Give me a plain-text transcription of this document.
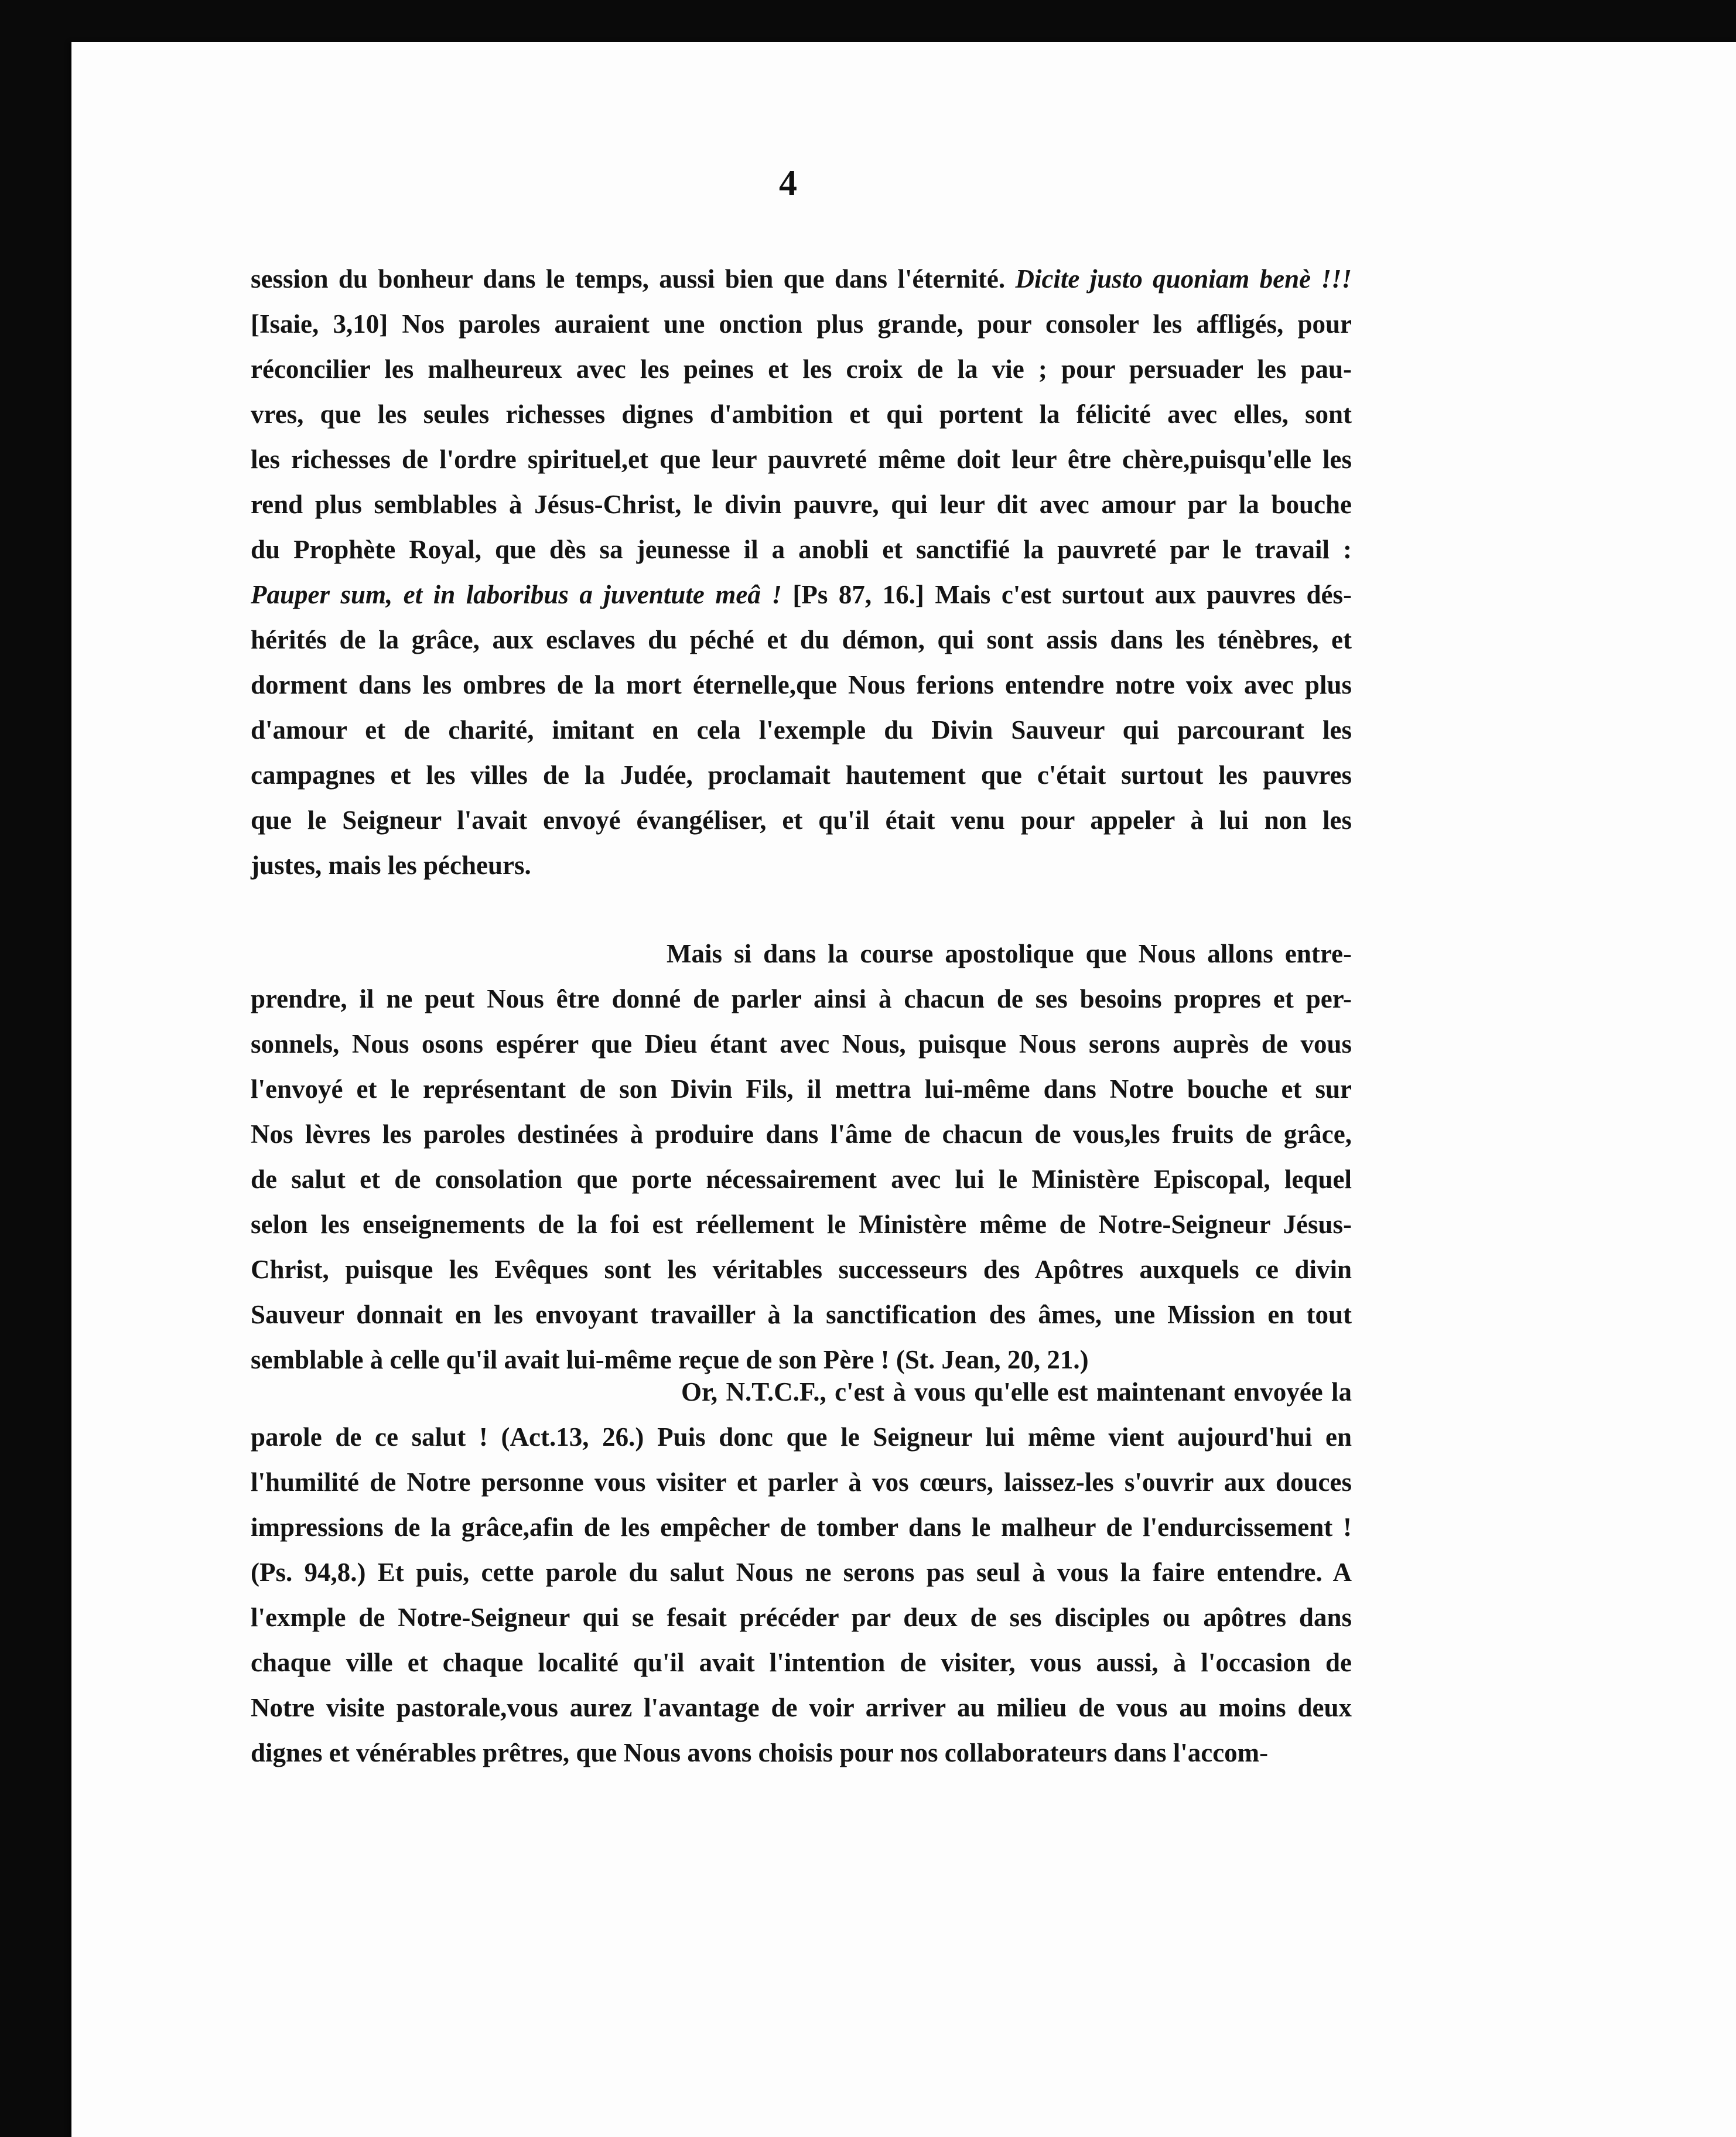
4
session du bonheur dans le temps, aussi bien que dans l'éternité. Dicite justo quoniam benè !!!
[Isaie, 3,10] Nos paroles auraient une onction plus grande, pour consoler les affligés, pour
réconcilier les malheureux avec les peines et les croix de la vie ; pour persuader les pau-
vres, que les seules richesses dignes d'ambition et qui portent la félicité avec elles, sont
les richesses de l'ordre spirituel,et que leur pauvreté même doit leur être chère,puisqu'elle les
rend plus semblables à Jésus-Christ, le divin pauvre, qui leur dit avec amour par la bouche
du Prophète Royal, que dès sa jeunesse il a anobli et sanctifié la pauvreté par le travail :
Pauper sum, et in laboribus a juventute meâ ! [Ps 87, 16.] Mais c'est surtout aux pauvres dés-
hérités de la grâce, aux esclaves du péché et du démon, qui sont assis dans les ténèbres, et
dorment dans les ombres de la mort éternelle,que Nous ferions entendre notre voix avec plus
d'amour et de charité, imitant en cela l'exemple du Divin Sauveur qui parcourant les
campagnes et les villes de la Judée, proclamait hautement que c'était surtout les pauvres
que le Seigneur l'avait envoyé évangéliser, et qu'il était venu pour appeler à lui non les
justes, mais les pécheurs.
Mais si dans la course apostolique que Nous allons entre-
prendre, il ne peut Nous être donné de parler ainsi à chacun de ses besoins propres et per-
sonnels, Nous osons espérer que Dieu étant avec Nous, puisque Nous serons auprès de vous
l'envoyé et le représentant de son Divin Fils, il mettra lui-même dans Notre bouche et sur
Nos lèvres les paroles destinées à produire dans l'âme de chacun de vous,les fruits de grâce,
de salut et de consolation que porte nécessairement avec lui le Ministère Episcopal, lequel
selon les enseignements de la foi est réellement le Ministère même de Notre-Seigneur Jésus-
Christ, puisque les Evêques sont les véritables successeurs des Apôtres auxquels ce divin
Sauveur donnait en les envoyant travailler à la sanctification des âmes, une Mission en tout
semblable à celle qu'il avait lui-même reçue de son Père ! (St. Jean, 20, 21.)
Or, N.T.C.F., c'est à vous qu'elle est maintenant envoyée la
parole de ce salut ! (Act.13, 26.) Puis donc que le Seigneur lui même vient aujourd'hui en
l'humilité de Notre personne vous visiter et parler à vos cœurs, laissez-les s'ouvrir aux douces
impressions de la grâce,afin de les empêcher de tomber dans le malheur de l'endurcissement !
(Ps. 94,8.) Et puis, cette parole du salut Nous ne serons pas seul à vous la faire entendre. A
l'exmple de Notre-Seigneur qui se fesait précéder par deux de ses disciples ou apôtres dans
chaque ville et chaque localité qu'il avait l'intention de visiter, vous aussi, à l'occasion de
Notre visite pastorale,vous aurez l'avantage de voir arriver au milieu de vous au moins deux
dignes et vénérables prêtres, que Nous avons choisis pour nos collaborateurs dans l'accom-
